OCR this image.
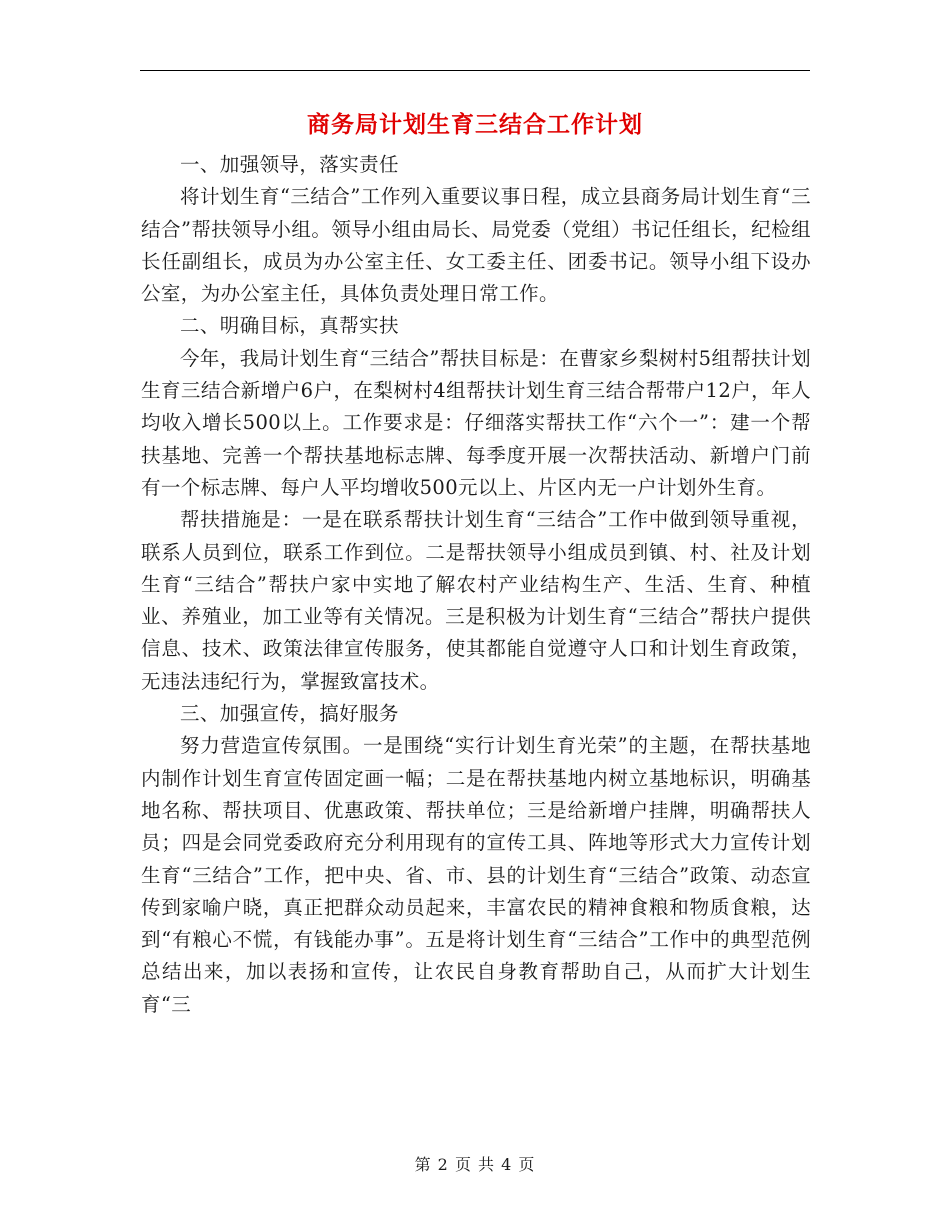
商务局计划生育三结合工作计划

一、加强领导，落实责任

将计划生育“三结合”工作列入重要议事日程，成立县商务局计划生育“三结合”帮扶领导小组。领导小组由局长、局党委（党组）书记任组长，纪检组长任副组长，成员为办公室主任、女工委主任、团委书记。领导小组下设办公室，为办公室主任，具体负责处理日常工作。

二、明确目标，真帮实扶

今年，我局计划生育“三结合”帮扶目标是：在曹家乡梨树村5组帮扶计划生育三结合新增户6户，在梨树村4组帮扶计划生育三结合帮带户12户，年人均收入增长500以上。工作要求是：仔细落实帮扶工作“六个一”：建一个帮扶基地、完善一个帮扶基地标志牌、每季度开展一次帮扶活动、新增户门前有一个标志牌、每户人平均增收500元以上、片区内无一户计划外生育。

帮扶措施是：一是在联系帮扶计划生育“三结合”工作中做到领导重视，联系人员到位，联系工作到位。二是帮扶领导小组成员到镇、村、社及计划生育“三结合”帮扶户家中实地了解农村产业结构生产、生活、生育、种植业、养殖业，加工业等有关情况。三是积极为计划生育“三结合”帮扶户提供信息、技术、政策法律宣传服务，使其都能自觉遵守人口和计划生育政策，无违法违纪行为，掌握致富技术。

三、加强宣传，搞好服务

努力营造宣传氛围。一是围绕“实行计划生育光荣”的主题，在帮扶基地内制作计划生育宣传固定画一幅；二是在帮扶基地内树立基地标识，明确基地名称、帮扶项目、优惠政策、帮扶单位；三是给新增户挂牌，明确帮扶人员；四是会同党委政府充分利用现有的宣传工具、阵地等形式大力宣传计划生育“三结合”工作，把中央、省、市、县的计划生育“三结合”政策、动态宣传到家喻户晓，真正把群众动员起来，丰富农民的精神食粮和物质食粮，达到“有粮心不慌，有钱能办事”。五是将计划生育“三结合”工作中的典型范例总结出来，加以表扬和宣传，让农民自身教育帮助自己，从而扩大计划生育“三

第 2 页 共 4 页
